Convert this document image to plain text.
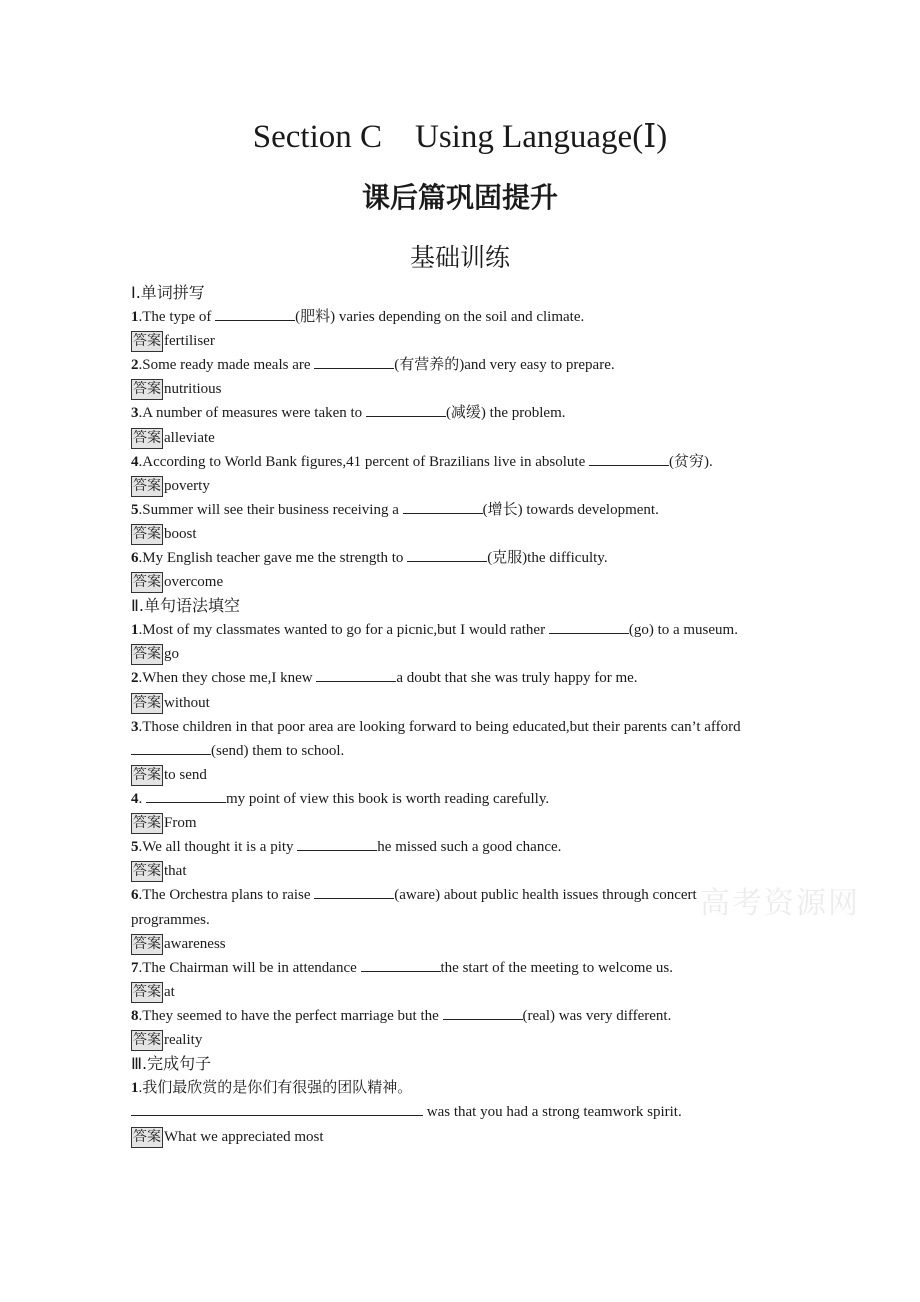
Section C　Using Language(Ⅰ)
课后篇巩固提升
基础训练
Ⅰ.单词拼写
1.The type of	(肥料) varies depending on the soil and climate.
答案 fertiliser
2.Some ready made meals are	(有营养的)and very easy to prepare.
答案 nutritious
3.A number of measures were taken to	(减缓) the problem.
答案 alleviate
4.According to World Bank figures,41 percent of Brazilians live in absolute	(贫穷).
答案 poverty
5.Summer will see their business receiving a	(增长) towards development.
答案 boost
6.My English teacher gave me the strength to	(克服)the difficulty.
答案 overcome
Ⅱ.单句语法填空
1.Most of my classmates wanted to go for a picnic,but I would rather	(go) to a museum.
答案 go
2.When they chose me,I knew	a doubt that she was truly happy for me.
答案 without
3.Those children in that poor area are looking forward to being educated,but their parents can’t afford (send) them to school.
答案 to send
4.	my point of view this book is worth reading carefully.
答案 From
5.We all thought it is a pity	he missed such a good chance.
答案 that
6.The Orchestra plans to raise	(aware) about public health issues through concert programmes.
答案 awareness
7.The Chairman will be in attendance	the start of the meeting to welcome us.
答案 at
8.They seemed to have the perfect marriage but the	(real) was very different.
答案 reality
Ⅲ.完成句子
1.我们最欣赏的是你们有很强的团队精神。
was that you had a strong teamwork spirit.
答案 What we appreciated most
高考资源网
